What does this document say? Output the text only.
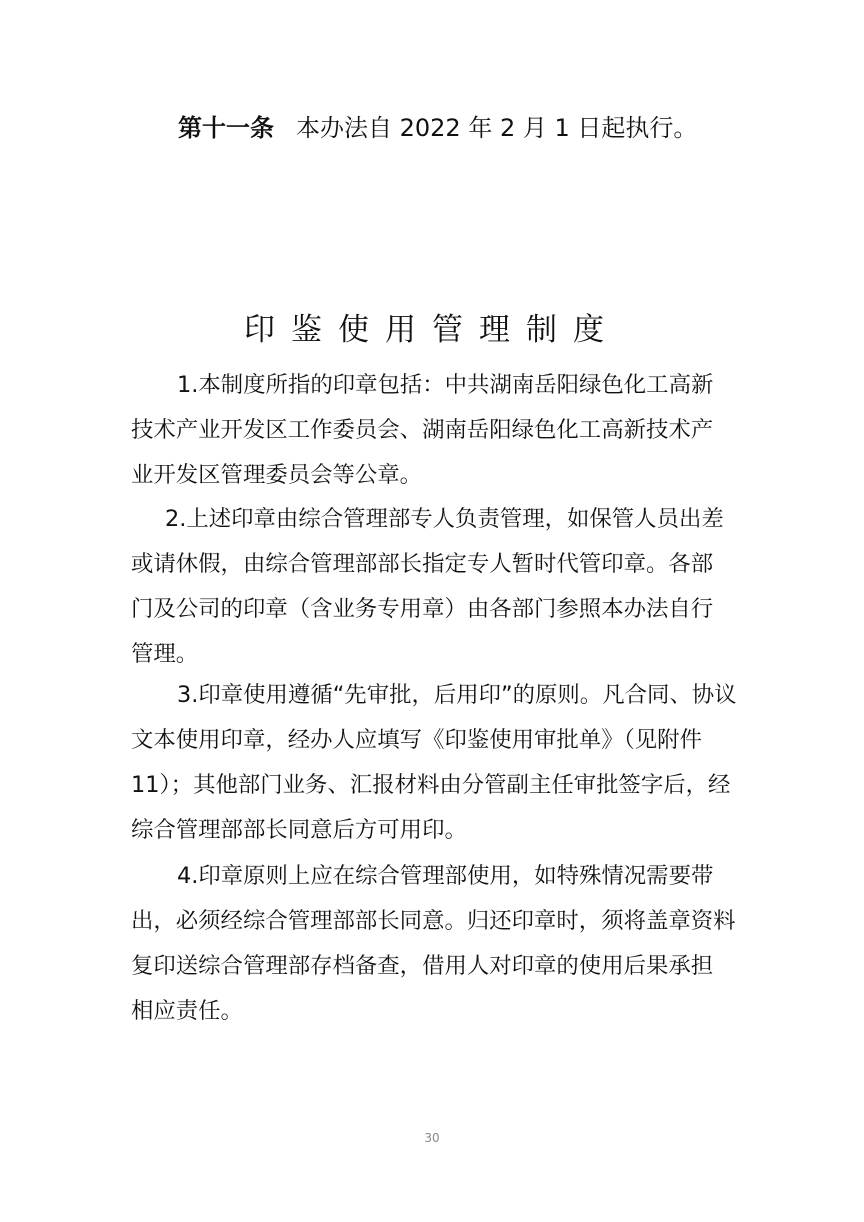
第十一条 本办法自 2022 年 2 月 1 日起执行。
印鉴使用管理制度
1.本制度所指的印章包括：中共湖南岳阳绿色化工高新
技术产业开发区工作委员会、湖南岳阳绿色化工高新技术产
业开发区管理委员会等公章。
2.上述印章由综合管理部专人负责管理，如保管人员出差
或请休假，由综合管理部部长指定专人暂时代管印章。各部
门及公司的印章（含业务专用章）由各部门参照本办法自行
管理。
3.印章使用遵循“先审批，后用印”的原则。凡合同、协议
文本使用印章，经办人应填写《印鉴使用审批单》（见附件
11）；其他部门业务、汇报材料由分管副主任审批签字后，经
综合管理部部长同意后方可用印。
4.印章原则上应在综合管理部使用，如特殊情况需要带
出，必须经综合管理部部长同意。归还印章时，须将盖章资料
复印送综合管理部存档备查，借用人对印章的使用后果承担
相应责任。
30
